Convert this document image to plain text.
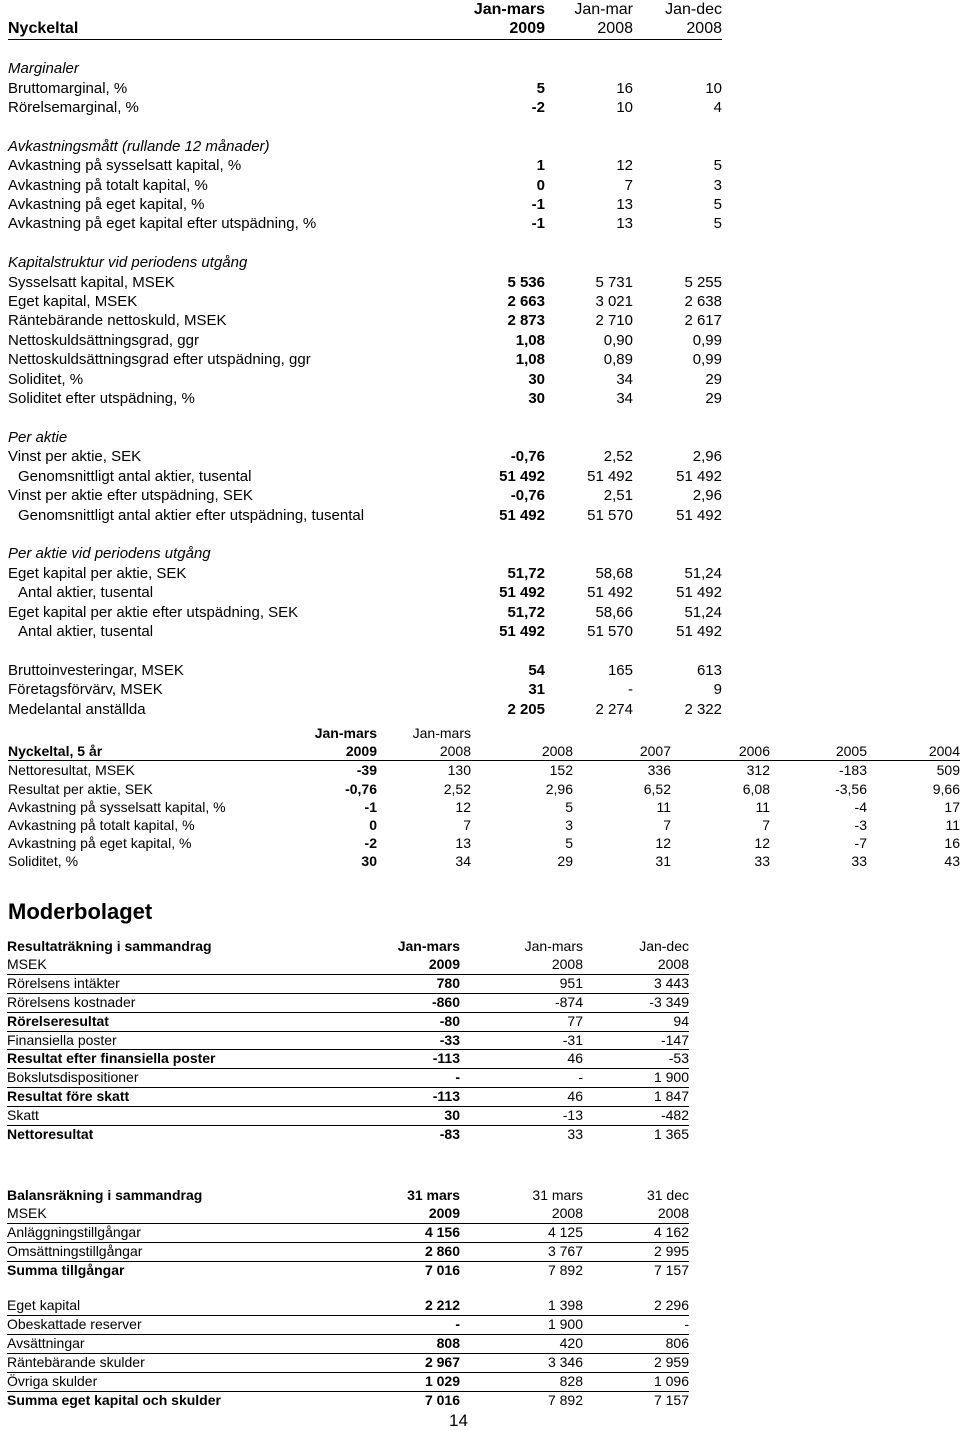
	Jan-mars	Jan-mar	Jan-dec
Nyckeltal	2009	2008	2008

Marginaler			
Bruttomarginal, %	5	16	10
Rörelsemarginal, %	-2	10	4

Avkastningsmått (rullande 12 månader)			
Avkastning på sysselsatt kapital, %	1	12	5
Avkastning på totalt kapital, %	0	7	3
Avkastning på eget kapital, %	-1	13	5
Avkastning på eget kapital efter utspädning, %	-1	13	5

Kapitalstruktur vid periodens utgång			
Sysselsatt kapital, MSEK	5 536	5 731	5 255
Eget kapital, MSEK	2 663	3 021	2 638
Räntebärande nettoskuld, MSEK	2 873	2 710	2 617
Nettoskuldsättningsgrad, ggr	1,08	0,90	0,99
Nettoskuldsättningsgrad efter utspädning, ggr	1,08	0,89	0,99
Soliditet, %	30	34	29
Soliditet efter utspädning, %	30	34	29

Per aktie			
Vinst per aktie, SEK	-0,76	2,52	2,96
Genomsnittligt antal aktier, tusental	51 492	51 492	51 492
Vinst per aktie efter utspädning, SEK	-0,76	2,51	2,96
Genomsnittligt antal aktier efter utspädning, tusental	51 492	51 570	51 492

Per aktie vid periodens utgång			
Eget kapital per aktie, SEK	51,72	58,68	51,24
Antal aktier, tusental	51 492	51 492	51 492
Eget kapital per aktie efter utspädning, SEK	51,72	58,66	51,24
Antal aktier, tusental	51 492	51 570	51 492

Bruttoinvesteringar, MSEK	54	165	613
Företagsförvärv, MSEK	31	-	9
Medelantal anställda	2 205	2 274	2 322
	Jan-mars	Jan-mars					
Nyckeltal, 5 år	2009	2008	2008	2007	2006	2005	2004
Nettoresultat, MSEK	-39	130	152	336	312	-183	509
Resultat per aktie, SEK	-0,76	2,52	2,96	6,52	6,08	-3,56	9,66
Avkastning på sysselsatt kapital, %	-1	12	5	11	11	-4	17
Avkastning på totalt kapital, %	0	7	3	7	7	-3	11
Avkastning på eget kapital, %	-2	13	5	12	12	-7	16
Soliditet, %	30	34	29	31	33	33	43
Moderbolaget
Resultaträkning i sammandrag	Jan-mars	Jan-mars	Jan-dec
MSEK	2009	2008	2008
Rörelsens intäkter	780	951	3 443
Rörelsens kostnader	-860	-874	-3 349
Rörelseresultat	-80	77	94
Finansiella poster	-33	-31	-147
Resultat efter finansiella poster	-113	46	-53
Bokslutsdispositioner	-	-	1 900
Resultat före skatt	-113	46	1 847
Skatt	30	-13	-482
Nettoresultat	-83	33	1 365
Balansräkning i sammandrag	31 mars	31 mars	31 dec
MSEK	2009	2008	2008
Anläggningstillgångar	4 156	4 125	4 162
Omsättningstillgångar	2 860	3 767	2 995
Summa tillgångar	7 016	7 892	7 157

Eget kapital	2 212	1 398	2 296
Obeskattade reserver	-	1 900	-
Avsättningar	808	420	806
Räntebärande skulder	2 967	3 346	2 959
Övriga skulder	1 029	828	1 096
Summa eget kapital och skulder	7 016	7 892	7 157
14
